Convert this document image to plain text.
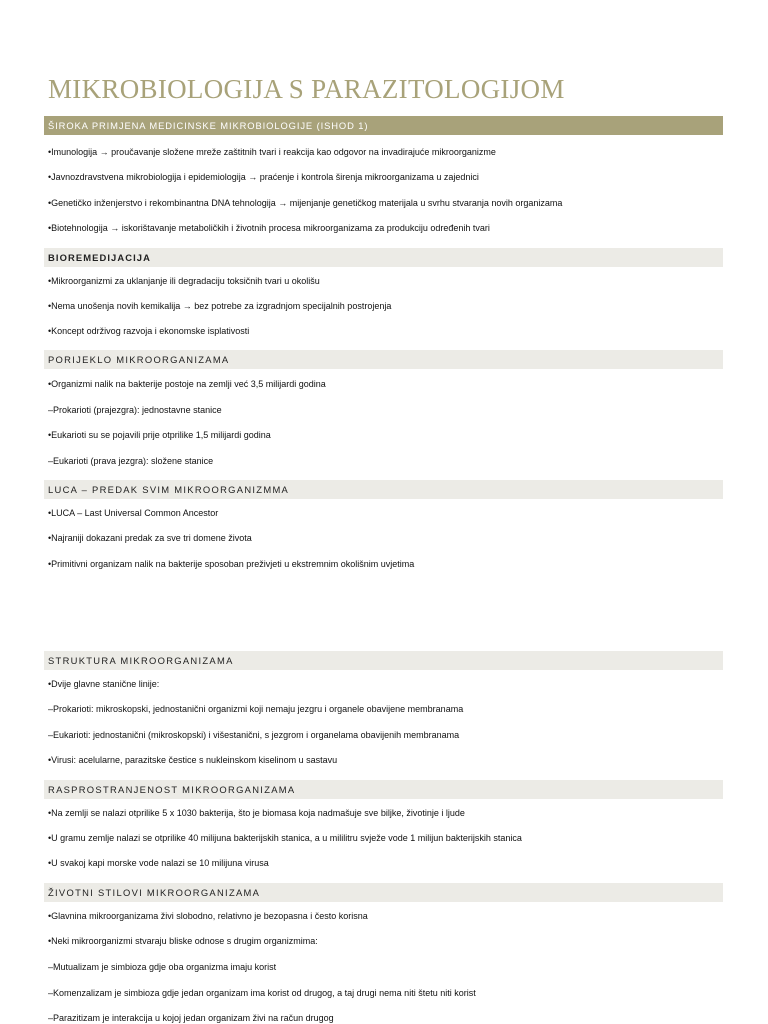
MIKROBIOLOGIJA S PARAZITOLOGIJOM
ŠIROKA PRIMJENA MEDICINSKE MIKROBIOLOGIJE (ISHOD 1)
•Imunologija → proučavanje složene mreže zaštitnih tvari i reakcija kao odgovor na invadirajuće mikroorganizme
•Javnozdravstvena mikrobiologija i epidemiologija → praćenje i kontrola širenja mikroorganizama u zajednici
•Genetičko inženjerstvo i rekombinantna DNA tehnologija → mijenjanje genetičkog materijala u svrhu stvaranja novih organizama
•Biotehnologija → iskorištavanje metaboličkih i životnih procesa mikroorganizama za produkciju određenih tvari
BIOREMEDIJACIJA
•Mikroorganizmi za uklanjanje ili degradaciju toksičnih tvari u okolišu
•Nema unošenja novih kemikalija → bez potrebe za izgradnjom specijalnih postrojenja
•Koncept održivog razvoja i ekonomske isplativosti
PORIJEKLO MIKROORGANIZAMA
•Organizmi nalik na bakterije postoje na zemlji već 3,5 milijardi godina
–Prokarioti (prajezgra): jednostavne stanice
•Eukarioti su se pojavili prije otprilike 1,5 milijardi godina
–Eukarioti (prava jezgra): složene stanice
LUCA – PREDAK SVIM MIKROORGANIZMMA
•LUCA – Last Universal Common Ancestor
•Najraniji dokazani predak za sve tri domene života
•Primitivni organizam nalik na bakterije sposoban preživjeti u ekstremnim okolišnim uvjetima
STRUKTURA MIKROORGANIZAMA
•Dvije glavne stanične linije:
–Prokarioti: mikroskopski, jednostanični organizmi koji nemaju jezgru i organele obavijene membranama
–Eukarioti: jednostanični (mikroskopski) i višestanični, s jezgrom i organelama obavijenih membranama
•Virusi: acelularne, parazitske čestice s nukleinskom kiselinom u sastavu
RASPROSTRANJENOST MIKROORGANIZAMA
•Na zemlji se nalazi otprilike 5 x 1030 bakterija, što je biomasa koja nadmašuje sve biljke, životinje i ljude
•U gramu zemlje nalazi se otprilike 40 milijuna bakterijskih stanica, a u mililitru svježe vode 1 milijun bakterijskih stanica
•U svakoj kapi morske vode nalazi se 10 milijuna virusa
ŽIVOTNI STILOVI MIKROORGANIZAMA
•Glavnina mikroorganizama živi slobodno, relativno je bezopasna i često korisna
•Neki mikroorganizmi stvaraju bliske odnose s drugim organizmima:
–Mutualizam je simbioza gdje oba organizma imaju korist
–Komenzalizam je simbioza gdje jedan organizam ima korist od drugog, a taj drugi nema niti štetu niti korist
–Parazitizam je interakcija u kojoj jedan organizam živi na račun drugog
